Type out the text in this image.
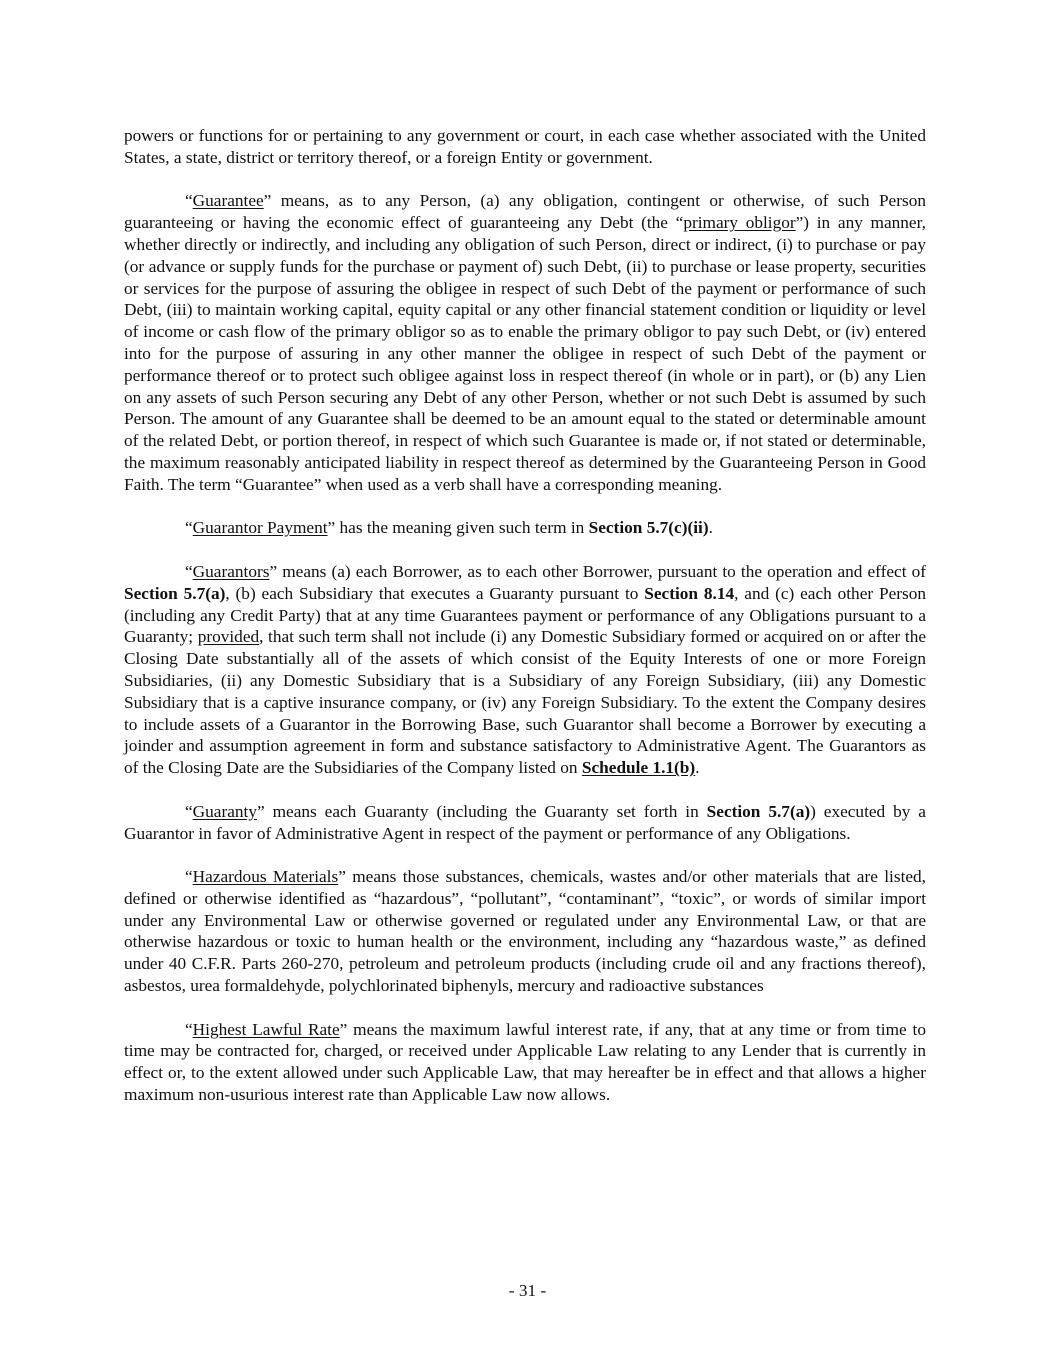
powers or functions for or pertaining to any government or court, in each case whether associated with the United States, a state, district or territory thereof, or a foreign Entity or government.

“Guarantee” means, as to any Person, (a) any obligation, contingent or otherwise, of such Person guaranteeing or having the economic effect of guaranteeing any Debt (the “primary obligor”) in any manner, whether directly or indirectly, and including any obligation of such Person, direct or indirect, (i) to purchase or pay (or advance or supply funds for the purchase or payment of) such Debt, (ii) to purchase or lease property, securities or services for the purpose of assuring the obligee in respect of such Debt of the payment or performance of such Debt, (iii) to maintain working capital, equity capital or any other financial statement condition or liquidity or level of income or cash flow of the primary obligor so as to enable the primary obligor to pay such Debt, or (iv) entered into for the purpose of assuring in any other manner the obligee in respect of such Debt of the payment or performance thereof or to protect such obligee against loss in respect thereof (in whole or in part), or (b) any Lien on any assets of such Person securing any Debt of any other Person, whether or not such Debt is assumed by such Person. The amount of any Guarantee shall be deemed to be an amount equal to the stated or determinable amount of the related Debt, or portion thereof, in respect of which such Guarantee is made or, if not stated or determinable, the maximum reasonably anticipated liability in respect thereof as determined by the Guaranteeing Person in Good Faith. The term “Guarantee” when used as a verb shall have a corresponding meaning.

“Guarantor Payment” has the meaning given such term in Section 5.7(c)(ii).

“Guarantors” means (a) each Borrower, as to each other Borrower, pursuant to the operation and effect of Section 5.7(a), (b) each Subsidiary that executes a Guaranty pursuant to Section 8.14, and (c) each other Person (including any Credit Party) that at any time Guarantees payment or performance of any Obligations pursuant to a Guaranty; provided, that such term shall not include (i) any Domestic Subsidiary formed or acquired on or after the Closing Date substantially all of the assets of which consist of the Equity Interests of one or more Foreign Subsidiaries, (ii) any Domestic Subsidiary that is a Subsidiary of any Foreign Subsidiary, (iii) any Domestic Subsidiary that is a captive insurance company, or (iv) any Foreign Subsidiary. To the extent the Company desires to include assets of a Guarantor in the Borrowing Base, such Guarantor shall become a Borrower by executing a joinder and assumption agreement in form and substance satisfactory to Administrative Agent. The Guarantors as of the Closing Date are the Subsidiaries of the Company listed on Schedule 1.1(b).

“Guaranty” means each Guaranty (including the Guaranty set forth in Section 5.7(a)) executed by a Guarantor in favor of Administrative Agent in respect of the payment or performance of any Obligations.

“Hazardous Materials” means those substances, chemicals, wastes and/or other materials that are listed, defined or otherwise identified as “hazardous”, “pollutant”, “contaminant”, “toxic”, or words of similar import under any Environmental Law or otherwise governed or regulated under any Environmental Law, or that are otherwise hazardous or toxic to human health or the environment, including any “hazardous waste,” as defined under 40 C.F.R. Parts 260-270, petroleum and petroleum products (including crude oil and any fractions thereof), asbestos, urea formaldehyde, polychlorinated biphenyls, mercury and radioactive substances

“Highest Lawful Rate” means the maximum lawful interest rate, if any, that at any time or from time to time may be contracted for, charged, or received under Applicable Law relating to any Lender that is currently in effect or, to the extent allowed under such Applicable Law, that may hereafter be in effect and that allows a higher maximum non-usurious interest rate than Applicable Law now allows.

- 31 -
